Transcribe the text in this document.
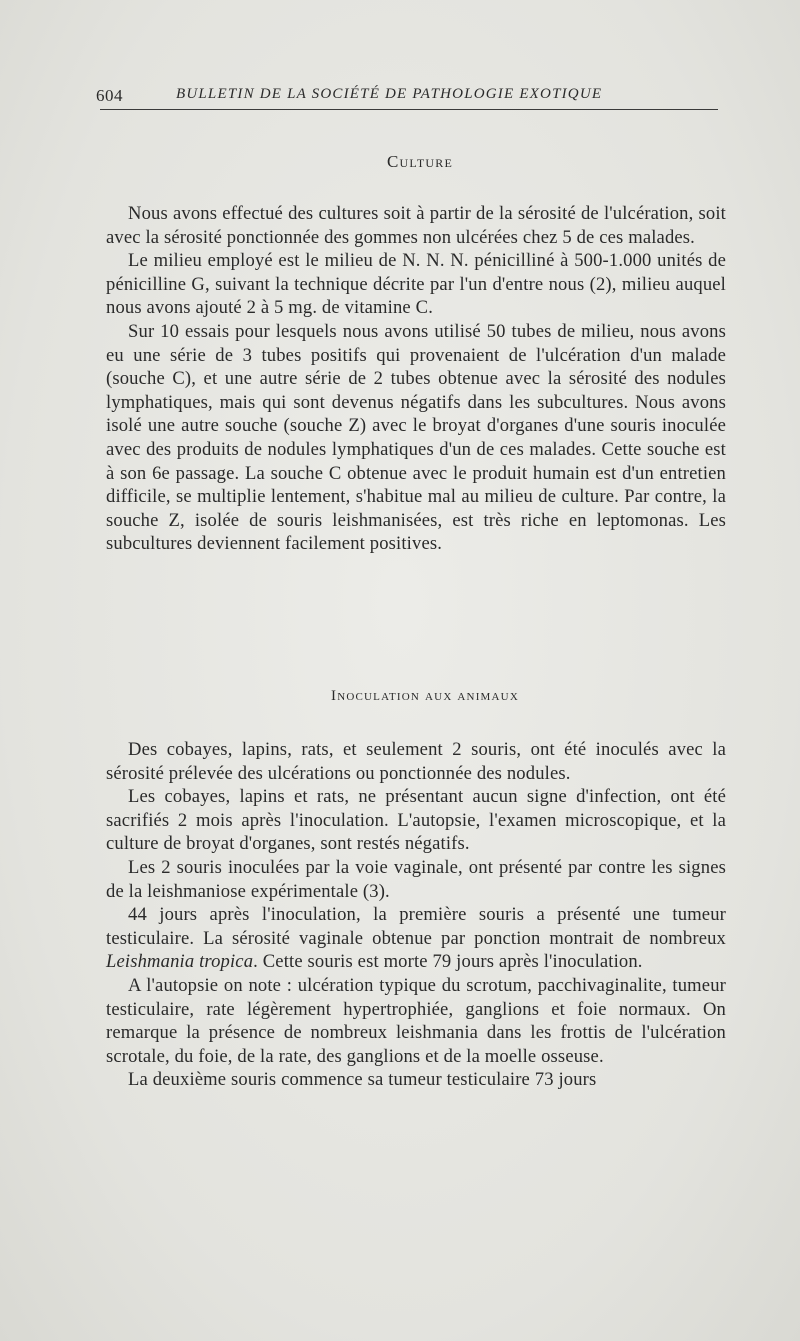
604	BULLETIN DE LA SOCIÉTÉ DE PATHOLOGIE EXOTIQUE
Culture

Nous avons effectué des cultures soit à partir de la sérosité de l'ulcération, soit avec la sérosité ponctionnée des gommes non ulcérées chez 5 de ces malades.

Le milieu employé est le milieu de N. N. N. pénicilliné à 500-1.000 unités de pénicilline G, suivant la technique décrite par l'un d'entre nous (2), milieu auquel nous avons ajouté 2 à 5 mg. de vitamine C.

Sur 10 essais pour lesquels nous avons utilisé 50 tubes de milieu, nous avons eu une série de 3 tubes positifs qui provenaient de l'ulcération d'un malade (souche C), et une autre série de 2 tubes obtenue avec la sérosité des nodules lymphatiques, mais qui sont devenus négatifs dans les subcultures. Nous avons isolé une autre souche (souche Z) avec le broyat d'organes d'une souris inoculée avec des produits de nodules lymphatiques d'un de ces malades. Cette souche est à son 6e passage. La souche C obtenue avec le produit humain est d'un entretien difficile, se multiplie lentement, s'habitue mal au milieu de culture. Par contre, la souche Z, isolée de souris leishmanisées, est très riche en leptomonas. Les subcultures deviennent facilement positives.

Inoculation aux animaux

Des cobayes, lapins, rats, et seulement 2 souris, ont été inoculés avec la sérosité prélevée des ulcérations ou ponctionnée des nodules.

Les cobayes, lapins et rats, ne présentant aucun signe d'infection, ont été sacrifiés 2 mois après l'inoculation. L'autopsie, l'examen microscopique, et la culture de broyat d'organes, sont restés négatifs.

Les 2 souris inoculées par la voie vaginale, ont présenté par contre les signes de la leishmaniose expérimentale (3).

44 jours après l'inoculation, la première souris a présenté une tumeur testiculaire. La sérosité vaginale obtenue par ponction montrait de nombreux Leishmania tropica. Cette souris est morte 79 jours après l'inoculation.

A l'autopsie on note : ulcération typique du scrotum, pacchivaginalite, tumeur testiculaire, rate légèrement hypertrophiée, ganglions et foie normaux. On remarque la présence de nombreux leishmania dans les frottis de l'ulcération scrotale, du foie, de la rate, des ganglions et de la moelle osseuse.

La deuxième souris commence sa tumeur testiculaire 73 jours
